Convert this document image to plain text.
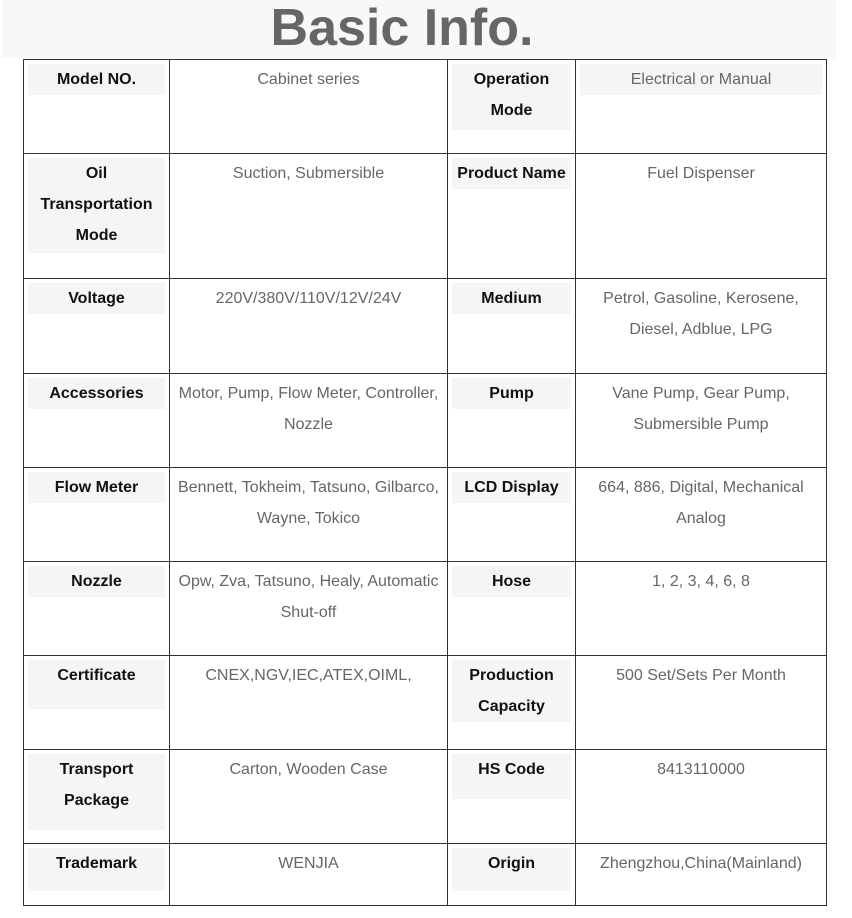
Basic Info.
Model NO.	Cabinet series	Operation Mode	Electrical or Manual

Oil Transportation Mode	Suction, Submersible	Product Name	Fuel Dispenser

Voltage	220V/380V/110V/12V/24V	Medium	Petrol, Gasoline, Kerosene, Diesel, Adblue, LPG

Accessories	Motor, Pump, Flow Meter, Controller, Nozzle	Pump	Vane Pump, Gear Pump, Submersible Pump

Flow Meter	Bennett, Tokheim, Tatsuno, Gilbarco, Wayne, Tokico	LCD Display	664, 886, Digital, Mechanical Analog

Nozzle	Opw, Zva, Tatsuno, Healy, Automatic Shut-off	Hose	1, 2, 3, 4, 6, 8

Certificate	CNEX,NGV,IEC,ATEX,OIML,	Production Capacity	500 Set/Sets Per Month

Transport Package	Carton, Wooden Case	HS Code	8413110000

Trademark	WENJIA	Origin	Zhengzhou,China(Mainland)
